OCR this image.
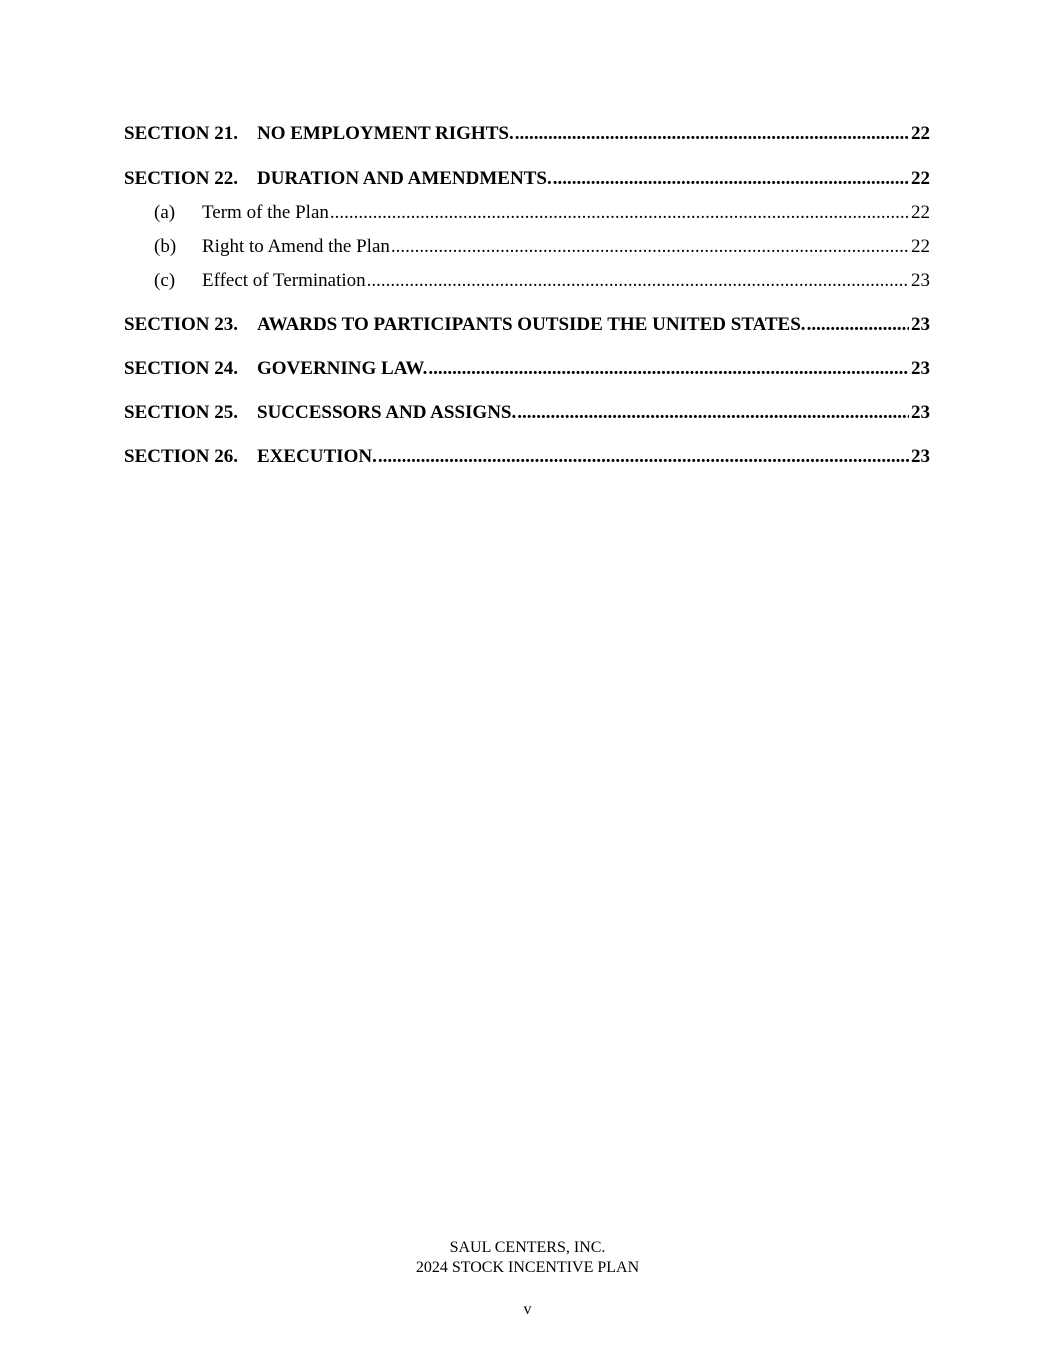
SECTION 21. NO EMPLOYMENT RIGHTS. .....	22
SECTION 22. DURATION AND AMENDMENTS. .....	22
(a)	Term of the Plan .....	22
(b)	Right to Amend the Plan .....	22
(c)	Effect of Termination .....	23
SECTION 23. AWARDS TO PARTICIPANTS OUTSIDE THE UNITED STATES. .....	23
SECTION 24. GOVERNING LAW. .....	23
SECTION 25. SUCCESSORS AND ASSIGNS. .....	23
SECTION 26. EXECUTION. .....	23
SAUL CENTERS, INC.
2024 STOCK INCENTIVE PLAN
v
